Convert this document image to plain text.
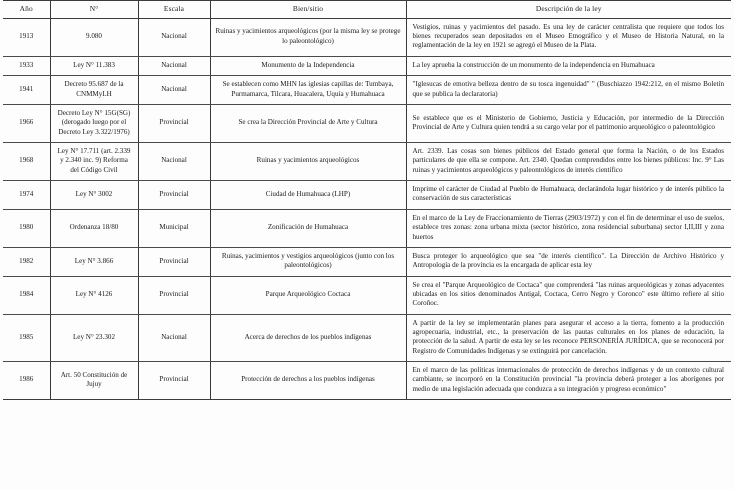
Año	N°	Escala	Bien/sitio	Descripción de la ley
1913	9.080	Nacional	Ruinas y yacimientos arqueológicos (por la misma ley se protege lo paleontológico)	Vestigios, ruinas y yacimientos del pasado. Es una ley de carácter centralista que requiere que todos los bienes recuperados sean depositados en el Museo Etnográfico y el Museo de Historia Natural, en la reglamentación de la ley en 1921 se agregó el Museo de la Plata.
1933	Ley N° 11.383	Nacional	Monumento de la Independencia	La ley aprueba la construcción de un monumento de la independencia en Humahuaca
1941	Decreto 95.687 de la CNMMyLH	Nacional	Se establecen como MHN las iglesias capillas de: Tumbaya, Purmamarca, Tilcara, Huacalera, Uquía y Humahuaca	"Iglesucas de emotiva belleza dentro de su tosca ingenuidad" " (Buschiazzo 1942:212, en el mismo Boletín que se publica la declaratoria)
1966	Decreto Ley N° 15G(SG) (derogado luego por el Decreto Ley 3.322/1976)	Provincial	Se crea la Dirección Provincial de Arte y Cultura	Se establece que es el Ministerio de Gobierno, Justicia y Educación, por intermedio de la Dirección Provincial de Arte y Cultura quien tendrá a su cargo velar por el patrimonio arqueológico o paleontológico
1968	Ley N° 17.711 (art. 2.339 y 2.340 inc. 9) Reforma del Código Civil	Nacional	Ruinas y yacimientos arqueológicos	Art. 2339. Las cosas son bienes públicos del Estado general que forma la Nación, o de los Estados particulares de que ella se compone. Art. 2340. Quedan comprendidos entre los bienes públicos: Inc. 9° Las ruinas y yacimientos arqueológicos y paleontológicos de interés científico
1974	Ley N° 3002	Provincial	Ciudad de Humahuaca (LHP)	Imprime el carácter de Ciudad al Pueblo de Humahuaca, declarándola lugar histórico y de interés público la conservación de sus características
1980	Ordenanza 18/80	Municipal	Zonificación de Humahuaca	En el marco de la Ley de Fraccionamiento de Tierras (2903/1972) y con el fin de determinar el uso de suelos, establece tres zonas: zona urbana mixta (sector histórico, zona residencial suburbana) sector I,II,III y zona huertos
1982	Ley N° 3.866	Provincial	Ruinas, yacimientos y vestigios arqueológicos (junto con los paleontológicos)	Busca proteger lo arqueológico que sea "de interés científico". La Dirección de Archivo Histórico y Antropología de la provincia es la encargada de aplicar esta ley
1984	Ley N° 4126	Provincial	Parque Arqueológico Coctaca	Se crea el "Parque Arqueológico de Coctaca" que comprenderá "las ruinas arqueológicas y zonas adyacentes ubicadas en los sitios denominados Antigal, Coctaca, Cerro Negro y Coronco" este último refiere al sitio Coroñoc.
1985	Ley N° 23.302	Nacional	Acerca de derechos de los pueblos indígenas	A partir de la ley se implementarán planes para asegurar el acceso a la tierra, fomento a la producción agropecuaria, industrial, etc., la preservación de las pautas culturales en los planes de educación, la protección de la salud. A partir de esta ley se les reconoce PERSONERÍA JURÍDICA, que se reconocerá por Registro de Comunidades Indígenas y se extinguirá por cancelación.
1986	Art. 50 Constitución de Jujuy	Provincial	Protección de derechos a los pueblos indígenas	En el marco de las políticas internacionales de protección de derechos indígenas y de un contexto cultural cambiante, se incorporó en la Constitución provincial "la provincia deberá proteger a los aborígenes por medio de una legislación adecuada que conduzca a su integración y progreso económico"
